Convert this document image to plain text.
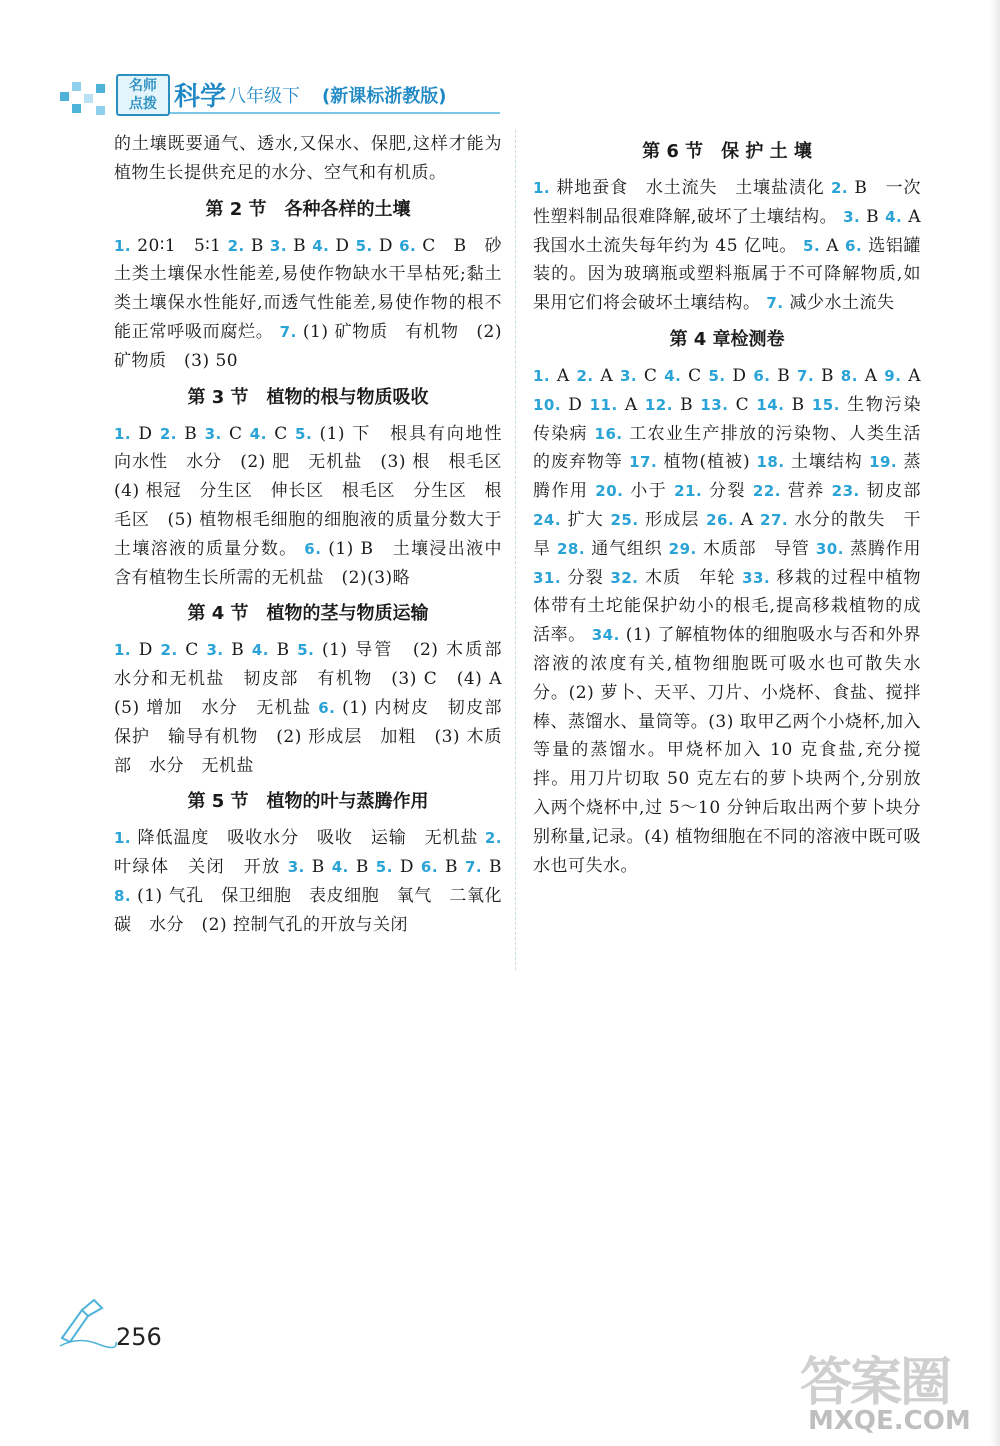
名师
点拨 科学 八年级下 (新课标浙教版)

的土壤既要通气、透水,又保水、保肥,这样才能为植物生长提供充足的水分、空气和有机质。

第 2 节　各种各样的土壤

1. 20∶1　5∶1 2. B 3. B 4. D 5. D 6. C　B　砂土类土壤保水性能差,易使作物缺水干旱枯死;黏土类土壤保水性能好,而透气性能差,易使作物的根不能正常呼吸而腐烂。 7. (1) 矿物质　有机物　(2) 矿物质　(3) 50

第 3 节　植物的根与物质吸收

1. D 2. B 3. C 4. C 5. (1) 下　根具有向地性　向水性　水分　(2) 肥　无机盐　(3) 根　根毛区　(4) 根冠　分生区　伸长区　根毛区　分生区　根毛区　(5) 植物根毛细胞的细胞液的质量分数大于土壤溶液的质量分数。 6. (1) B　土壤浸出液中含有植物生长所需的无机盐　(2)(3)略

第 4 节　植物的茎与物质运输

1. D 2. C 3. B 4. B 5. (1) 导管　(2) 木质部　水分和无机盐　韧皮部　有机物　(3) C　(4) A　(5) 增加　水分　无机盐 6. (1) 内树皮　韧皮部　保护　输导有机物　(2) 形成层　加粗　(3) 木质部　水分　无机盐

第 5 节　植物的叶与蒸腾作用

1. 降低温度　吸收水分　吸收　运输　无机盐 2. 叶绿体　关闭　开放 3. B 4. B 5. D 6. B 7. B 8. (1) 气孔　保卫细胞　表皮细胞　氧气　二氧化碳　水分　(2) 控制气孔的开放与关闭

第 6 节　保 护 土 壤

1. 耕地蚕食　水土流失　土壤盐渍化 2. B　一次性塑料制品很难降解,破坏了土壤结构。 3. B 4. A　我国水土流失每年约为 45 亿吨。 5. A 6. 选铝罐装的。因为玻璃瓶或塑料瓶属于不可降解物质,如果用它们将会破坏土壤结构。 7. 减少水土流失

第 4 章检测卷

1. A 2. A 3. C 4. C 5. D 6. B 7. B 8. A 9. A 10. D 11. A 12. B 13. C 14. B 15. 生物污染　传染病 16. 工农业生产排放的污染物、人类生活的废弃物等 17. 植物(植被) 18. 土壤结构 19. 蒸腾作用 20. 小于 21. 分裂 22. 营养 23. 韧皮部 24. 扩大 25. 形成层 26. A 27. 水分的散失　干旱 28. 通气组织 29. 木质部　导管 30. 蒸腾作用 31. 分裂 32. 木质　年轮 33. 移栽的过程中植物体带有土坨能保护幼小的根毛,提高移栽植物的成活率。 34. (1) 了解植物体的细胞吸水与否和外界溶液的浓度有关,植物细胞既可吸水也可散失水分。(2) 萝卜、天平、刀片、小烧杯、食盐、搅拌棒、蒸馏水、量筒等。(3) 取甲乙两个小烧杯,加入等量的蒸馏水。甲烧杯加入 10 克食盐,充分搅拌。用刀片切取 50 克左右的萝卜块两个,分别放入两个烧杯中,过 5～10 分钟后取出两个萝卜块分别称量,记录。(4) 植物细胞在不同的溶液中既可吸水也可失水。

256
答案圈
MXQE.COM
